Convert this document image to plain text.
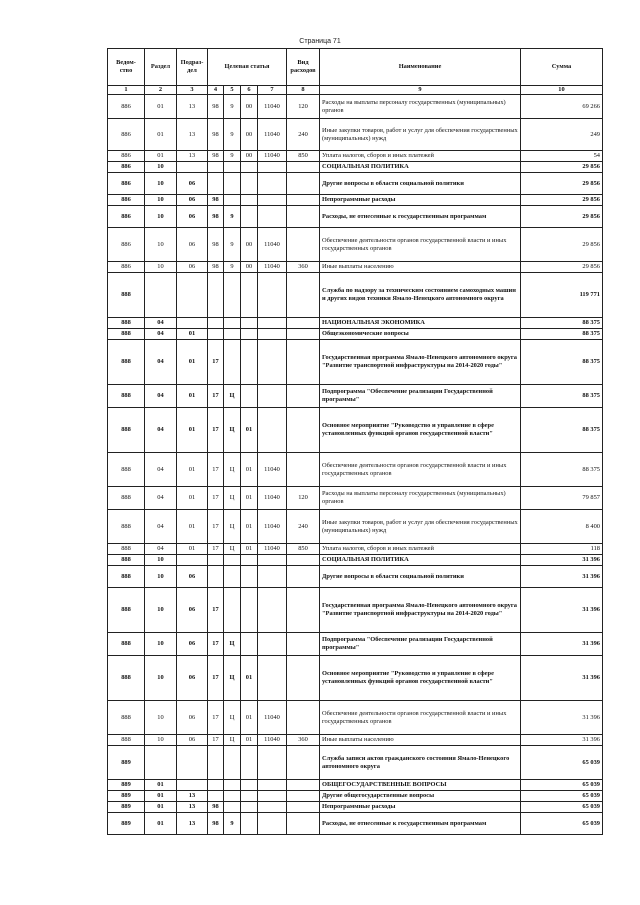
Страница 71
Ведом-ство	Раздел	Подраз-дел	Целевая статья				Вид расходов	Наименование	Сумма
1	2	3	4	5	6	7	8	9	10
886	01	13	98	9	00	11040	120	Расходы на выплаты персоналу государственных (муниципальных) органов	69 266
886	01	13	98	9	00	11040	240	Иные закупки товаров, работ и услуг для обеспечения государственных (муниципальных) нужд	249
886	01	13	98	9	00	11040	850	Уплата налогов, сборов и иных платежей	54
886	10							СОЦИАЛЬНАЯ ПОЛИТИКА	29 856
886	10	06						Другие вопросы в области социальной политики	29 856
886	10	06	98					Непрограммные расходы	29 856
886	10	06	98	9				Расходы, не отнесенные к государственным программам	29 856
886	10	06	98	9	00	11040		Обеспечение деятельности органов государственной власти и иных государственных органов	29 856
886	10	06	98	9	00	11040	360	Иные выплаты населению	29 856
888								Служба по надзору за техническим состоянием самоходных машин и других видов техники Ямало-Ненецкого автономного округа	119 771
888	04							НАЦИОНАЛЬНАЯ ЭКОНОМИКА	88 375
888	04	01						Общеэкономические вопросы	88 375
888	04	01	17					Государственная программа Ямало-Ненецкого автономного округа "Развитие транспортной инфраструктуры на 2014-2020 годы"	88 375
888	04	01	17	Ц				Подпрограмма "Обеспечение реализации Государственной программы"	88 375
888	04	01	17	Ц	01			Основное мероприятие "Руководство и управление в сфере установленных функций органов государственной власти"	88 375
888	04	01	17	Ц	01	11040		Обеспечение деятельности органов государственной власти и иных государственных органов	88 375
888	04	01	17	Ц	01	11040	120	Расходы на выплаты персоналу государственных (муниципальных) органов	79 857
888	04	01	17	Ц	01	11040	240	Иные закупки товаров, работ и услуг для обеспечения государственных (муниципальных) нужд	8 400
888	04	01	17	Ц	01	11040	850	Уплата налогов, сборов и иных платежей	118
888	10							СОЦИАЛЬНАЯ ПОЛИТИКА	31 396
888	10	06						Другие вопросы в области социальной политики	31 396
888	10	06	17					Государственная программа Ямало-Ненецкого автономного округа "Развитие транспортной инфраструктуры на 2014-2020 годы"	31 396
888	10	06	17	Ц				Подпрограмма "Обеспечение реализации Государственной программы"	31 396
888	10	06	17	Ц	01			Основное мероприятие "Руководство и управление в сфере установленных функций органов государственной власти"	31 396
888	10	06	17	Ц	01	11040		Обеспечение деятельности органов государственной власти и иных государственных органов	31 396
888	10	06	17	Ц	01	11040	360	Иные выплаты населению	31 396
889								Служба записи актов гражданского состояния Ямало-Ненецкого автономного округа	65 039
889	01							ОБЩЕГОСУДАРСТВЕННЫЕ ВОПРОСЫ	65 039
889	01	13						Другие общегосударственные вопросы	65 039
889	01	13	98					Непрограммные расходы	65 039
889	01	13	98	9				Расходы, не отнесенные к государственным программам	65 039
